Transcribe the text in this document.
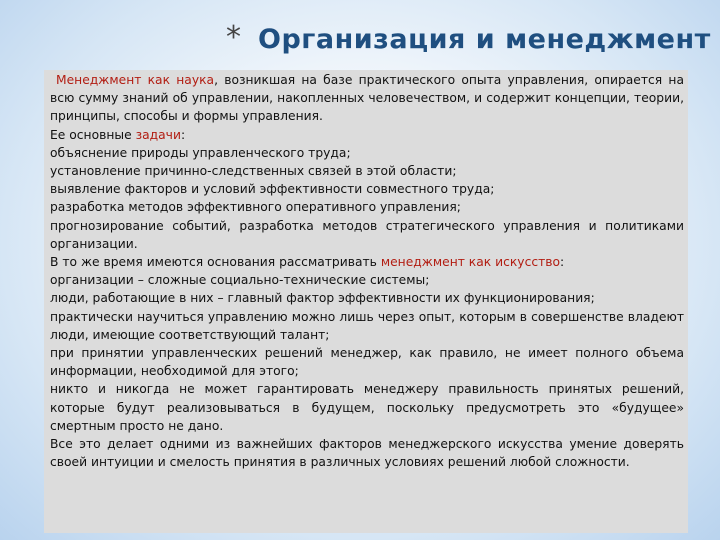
* Организация и менеджмент

Менеджмент как наука, возникшая на базе практического опыта управления, опирается на всю сумму знаний об управлении, накопленных человечеством, и содержит концепции, теории, принципы, способы и формы управления.

Ее основные задачи:

объяснение природы управленческого труда;

установление причинно-следственных связей в этой области;

выявление факторов и условий эффективности совместного труда;

разработка методов эффективного оперативного управления;

прогнозирование событий, разработка методов стратегического управления и политиками организации.

В то же время имеются основания рассматривать менеджмент как искусство:

организации – сложные социально-технические системы;

люди, работающие в них – главный фактор эффективности их функционирования;

практически научиться управлению можно лишь через опыт, которым в совершенстве владеют люди, имеющие соответствующий талант;

при принятии управленческих решений менеджер, как правило, не имеет полного объема информации, необходимой для этого;

никто и никогда не может гарантировать менеджеру правильность принятых решений, которые будут реализовываться в будущем, поскольку предусмотреть это «будущее» смертным просто не дано.

Все это делает одними из важнейших факторов менеджерского искусства умение доверять своей интуиции и смелость принятия в различных условиях решений любой сложности.
